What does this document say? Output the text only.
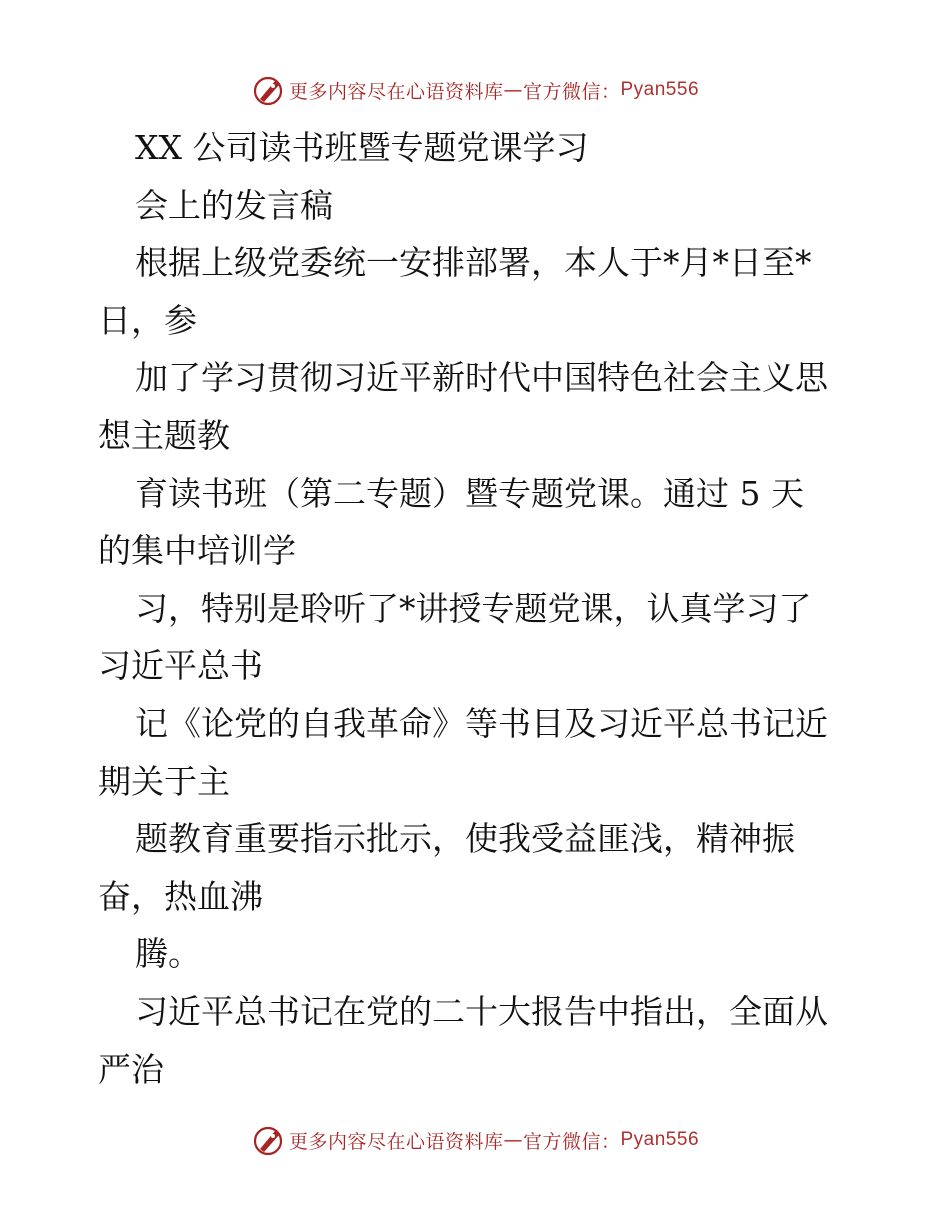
更多内容尽在心语资料库 — 官方微信： Pyan556
XX 公司读书班暨专题党课学习
会上的发言稿
根据上级党委统一安排部署，本人于*月*日至*
日，参
加了学习贯彻习近平新时代中国特色社会主义思
想主题教
育读书班（第二专题）暨专题党课。通过 5 天
的集中培训学
习，特别是聆听了*讲授专题党课，认真学习了
习近平总书
记《论党的自我革命》等书目及习近平总书记近
期关于主
题教育重要指示批示，使我受益匪浅，精神振
奋，热血沸
腾。
习近平总书记在党的二十大报告中指出，全面从
严治
更多内容尽在心语资料库 — 官方微信： Pyan556
